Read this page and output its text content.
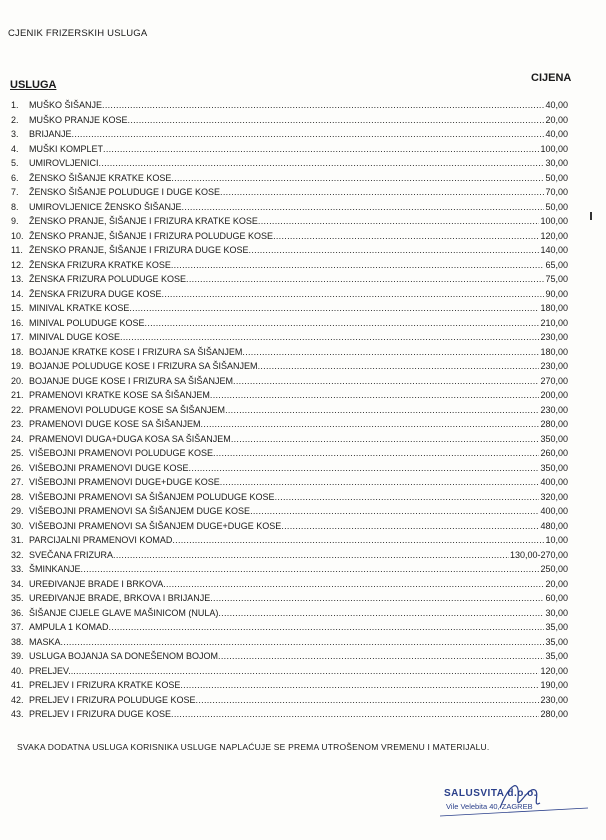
CJENIK FRIZERSKIH USLUGA
USLUGA
CIJENA
1.	MUŠKO ŠIŠANJE .....	40,00
2.	MUŠKO PRANJE KOSE .....	20,00
3.	BRIJANJE .....	40,00
4.	MUŠKI KOMPLET .....	100,00
5.	UMIROVLJENICI .....	30,00
6.	ŽENSKO ŠIŠANJE KRATKE KOSE .....	50,00
7.	ŽENSKO ŠIŠANJE POLUDUGE I DUGE KOSE .....	70,00
8.	UMIROVLJENICE ŽENSKO ŠIŠANJE .....	50,00
9.	ŽENSKO PRANJE, ŠIŠANJE I FRIZURA KRATKE KOSE .....	100,00
10. ŽENSKO PRANJE, ŠIŠANJE I FRIZURA POLUDUGE KOSE .....	120,00
11. ŽENSKO PRANJE, ŠIŠANJE I FRIZURA DUGE KOSE .....	140,00
12. ŽENSKA FRIZURA KRATKE KOSE .....	65,00
13. ŽENSKA FRIZURA POLUDUGE KOSE .....	75,00
14. ŽENSKA FRIZURA DUGE KOSE .....	90,00
15. MINIVAL KRATKE KOSE .....	180,00
16. MINIVAL POLUDUGE KOSE .....	210,00
17. MINIVAL DUGE KOSE .....	230,00
18. BOJANJE KRATKE KOSE I FRIZURA SA ŠIŠANJEM .....	180,00
19. BOJANJE POLUDUGE KOSE I FRIZURA SA ŠIŠANJEM .....	230,00
20. BOJANJE DUGE KOSE I FRIZURA SA ŠIŠANJEM .....	270,00
21. PRAMENOVI KRATKE KOSE SA ŠIŠANJEM .....	200,00
22. PRAMENOVI POLUDUGE KOSE SA ŠIŠANJEM .....	230,00
23. PRAMENOVI DUGE KOSE SA ŠIŠANJEM .....	280,00
24. PRAMENOVI DUGA+DUGA KOSA SA ŠIŠANJEM .....	350,00
25. VIŠEBOJNI PRAMENOVI POLUDUGE KOSE .....	260,00
26. VIŠEBOJNI PRAMENOVI DUGE KOSE .....	350,00
27. VIŠEBOJNI PRAMENOVI DUGE+DUGE KOSE .....	400,00
28. VIŠEBOJNI PRAMENOVI SA ŠIŠANJEM POLUDUGE KOSE .....	320,00
29. VIŠEBOJNI PRAMENOVI SA ŠIŠANJEM DUGE KOSE .....	400,00
30. VIŠEBOJNI PRAMENOVI SA ŠIŠANJEM DUGE+DUGE KOSE .....	480,00
31. PARCIJALNI PRAMENOVI KOMAD .....	10,00
32. SVEČANA FRIZURA .....	130,00-270,00
33. ŠMINKANJE .....	250,00
34. UREĐIVANJE BRADE I BRKOVA .....	20,00
35. UREĐIVANJE BRADE, BRKOVA I BRIJANJE .....	60,00
36. ŠIŠANJE CIJELE GLAVE MAŠINICOM (NULA) .....	30,00
37. AMPULA 1 KOMAD .....	35,00
38. MASKA .....	35,00
39. USLUGA BOJANJA SA DONEŠENOM BOJOM .....	35,00
40. PRELJEV.. .....	120,00
41. PRELJEV I FRIZURA KRATKE KOSE .....	190,00
42. PRELJEV I FRIZURA POLUDUGE KOSE .....	230,00
43. PRELJEV I FRIZURA DUGE KOSE .....	280,00
SVAKA DODATNA USLUGA KORISNIKA USLUGE NAPLAĆUJE SE PREMA UTROŠENOM VREMENU I MATERIJALU.
SALUSVITA d.o.o.
Vile Velebita 40, ZAGREB
